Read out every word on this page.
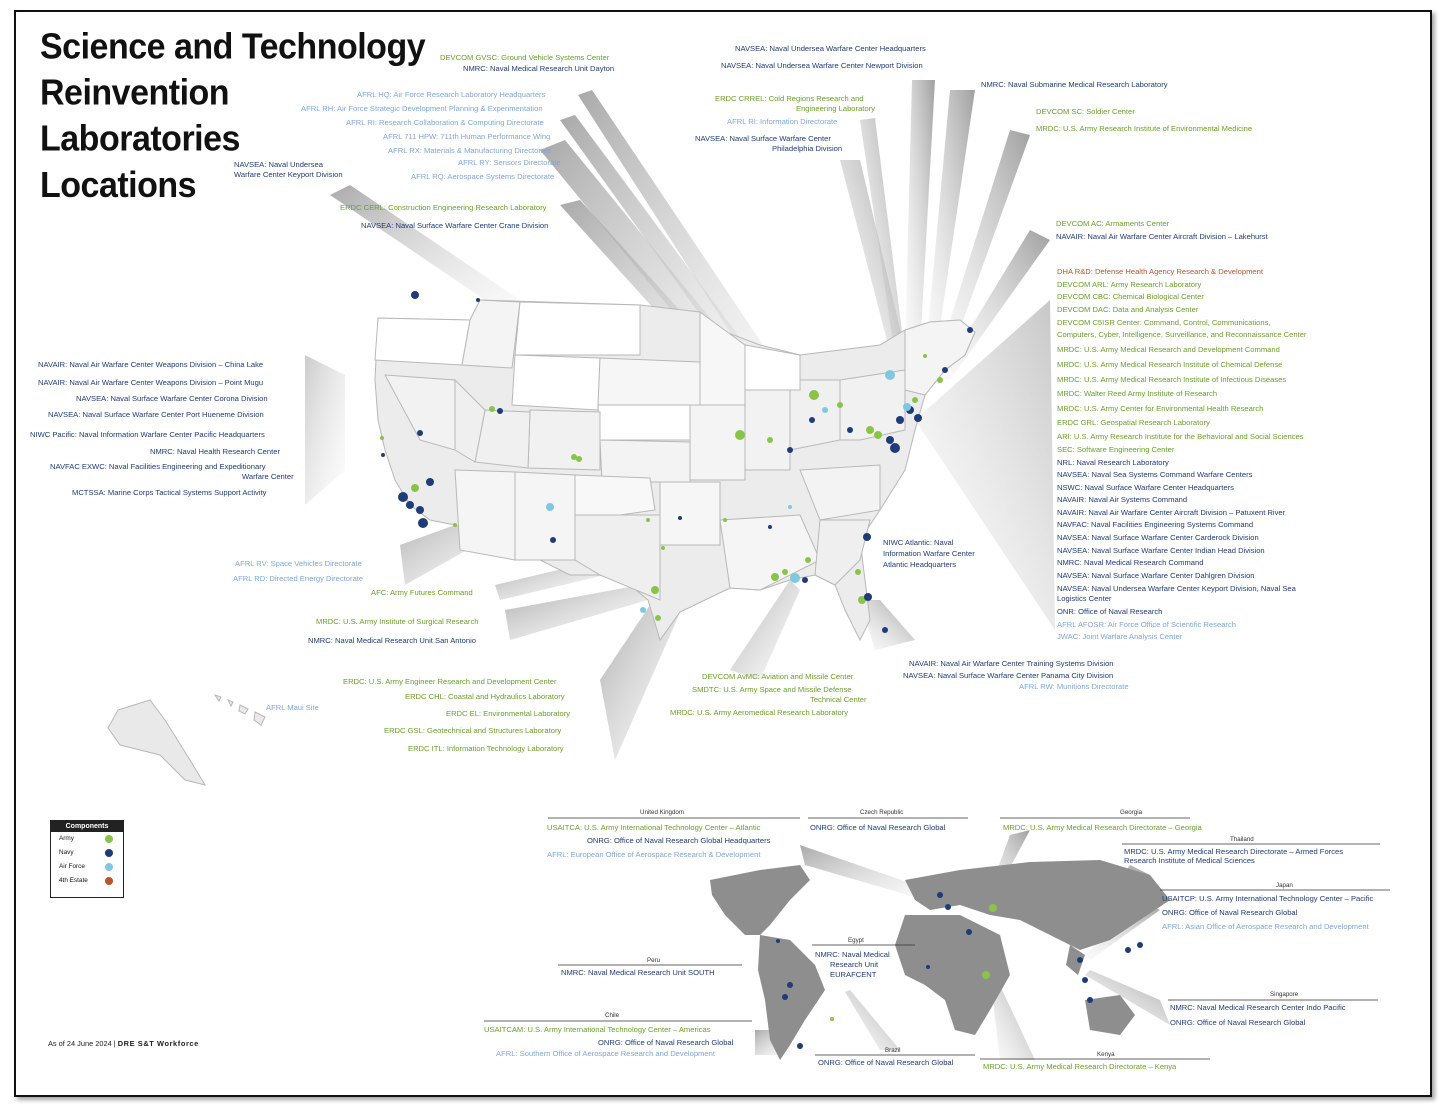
Science and Technology
Reinvention
Laboratories
Locations
DEVCOM GVSC: Ground Vehicle Systems Center
NMRC: Naval Medical Research Unit Dayton
AFRL HQ: Air Force Research Laboratory Headquarters
AFRL RH: Air Force Strategic Development Planning & Experimentation
AFRL RI: Research Collaboration & Computing Directorate
AFRL 711 HPW: 711th Human Performance Wing
AFRL RX: Materials & Manufacturing Directorate
AFRL RY: Sensors Directorate
AFRL RQ: Aerospace Systems Directorate
NAVSEA: Naval Undersea
Warfare Center Keyport Division
ERDC CERL: Construction Engineering Research Laboratory
NAVSEA: Naval Surface Warfare Center Crane Division
NAVSEA: Naval Undersea Warfare Center Headquarters
NAVSEA: Naval Undersea Warfare Center Newport Division
ERDC CRREL: Cold Regions Research and
Engineering Laboratory
AFRL RI: Information Directorate
NAVSEA: Naval Surface Warfare Center
Philadelphia Division
NMRC: Naval Submarine Medical Research Laboratory
DEVCOM SC: Soldier Center
MRDC: U.S. Army Research Institute of Environmental Medicine
DEVCOM AC: Armaments Center
NAVAIR: Naval Air Warfare Center Aircraft Division – Lakehurst
DHA R&D: Defense Health Agency Research & Development
DEVCOM ARL: Army Research Laboratory
DEVCOM CBC: Chemical Biological Center
DEVCOM DAC: Data and Analysis Center
DEVCOM C5ISR Center: Command, Control, Communications,
Computers, Cyber, Intelligence, Surveillance, and Reconnaissance Center
MRDC: U.S. Army Medical Research and Development Command
MRDC: U.S. Army Medical Research Institute of Chemical Defense
MRDC: U.S. Army Medical Research Institute of Infectious Diseases
MRDC: Walter Reed Army Institute of Research
MRDC: U.S. Army Center for Environmental Health Research
ERDC GRL: Geospatial Research Laboratory
ARI: U.S. Army Research Institute for the Behavioral and Social Sciences
SEC: Software Engineering Center
NRL: Naval Research Laboratory
NAVSEA: Naval Sea Systems Command Warfare Centers
NSWC: Naval Surface Warfare Center Headquarters
NAVAIR: Naval Air Systems Command
NAVAIR: Naval Air Warfare Center Aircraft Division – Patuxent River
NAVFAC: Naval Facilities Engineering Systems Command
NAVSEA: Naval Surface Warfare Center Carderock Division
NAVSEA: Naval Surface Warfare Center Indian Head Division
NMRC: Naval Medical Research Command
NAVSEA: Naval Surface Warfare Center Dahlgren Division
NAVSEA: Naval Undersea Warfare Center Keyport Division, Naval Sea
Logistics Center
ONR: Office of Naval Research
AFRL AFOSR: Air Force Office of Scientific Research
JWAC: Joint Warfare Analysis Center
NAVAIR: Naval Air Warfare Center Weapons Division – China Lake
NAVAIR: Naval Air Warfare Center Weapons Division – Point Mugu
NAVSEA: Naval Surface Warfare Center Corona Division
NAVSEA: Naval Surface Warfare Center Port Hueneme Division
NIWC Pacific: Naval Information Warfare Center Pacific Headquarters
NMRC: Naval Health Research Center
NAVFAC EXWC: Naval Facilities Engineering and Expeditionary
Warfare Center
MCTSSA: Marine Corps Tactical Systems Support Activity
AFRL RV: Space Vehicles Directorate
AFRL RD: Directed Energy Directorate
AFC: Army Futures Command
MRDC: U.S. Army Institute of Surgical Research
NMRC: Naval Medical Research Unit San Antonio
ERDC: U.S. Army Engineer Research and Development Center
ERDC CHL: Coastal and Hydraulics Laboratory
ERDC EL: Environmental Laboratory
ERDC GSL: Geotechnical and Structures Laboratory
ERDC ITL: Information Technology Laboratory
AFRL Maui Site
NIWC Atlantic: Naval
Information Warfare Center
Atlantic Headquarters
DEVCOM AvMC: Aviation and Missile Center
SMDTC: U.S. Army Space and Missile Defense
Technical Center
MRDC: U.S. Army Aeromedical Research Laboratory
NAVAIR: Naval Air Warfare Center Training Systems Division
NAVSEA: Naval Surface Warfare Center Panama City Division
AFRL RW: Munitions Directorate
USAITCA: U.S. Army International Technology Center – Atlantic
ONRG: Office of Naval Research Global Headquarters
AFRL: European Office of Aerospace Research & Development
ONRG: Office of Naval Research Global	MRDC: U.S. Army Medical Research Directorate – Georgia
MRDC: U.S. Army Medical Research Directorate – Armed Forces
Research Institute of Medical Sciences
USAITCP: U.S. Army International Technology Center – Pacific
ONRG: Office of Naval Research Global
AFRL: Asian Office of Aerospace Research and Development
NMRC: Naval Medical
Research Unit
EURAFCENT
NMRC: Naval Medical Research Unit SOUTH
USAITCAM: U.S. Army International Technology Center – Americas
ONRG: Office of Naval Research Global
AFRL: Southern Office of Aerospace Research and Development
ONRG: Office of Naval Research Global	MRDC: U.S. Army Medical Research Directorate – Kenya
NMRC: Naval Medical Research Center Indo Pacific
ONRG: Office of Naval Research Global
United Kingdom	Czech Republic	Georgia
Thailand
Japan
Egypt
Peru
Singapore
Chile
Brazil
Kenya
Components
Army
Navy
Air Force
4th Estate
As of 24 June 2024 | DRE S&T Workforce
